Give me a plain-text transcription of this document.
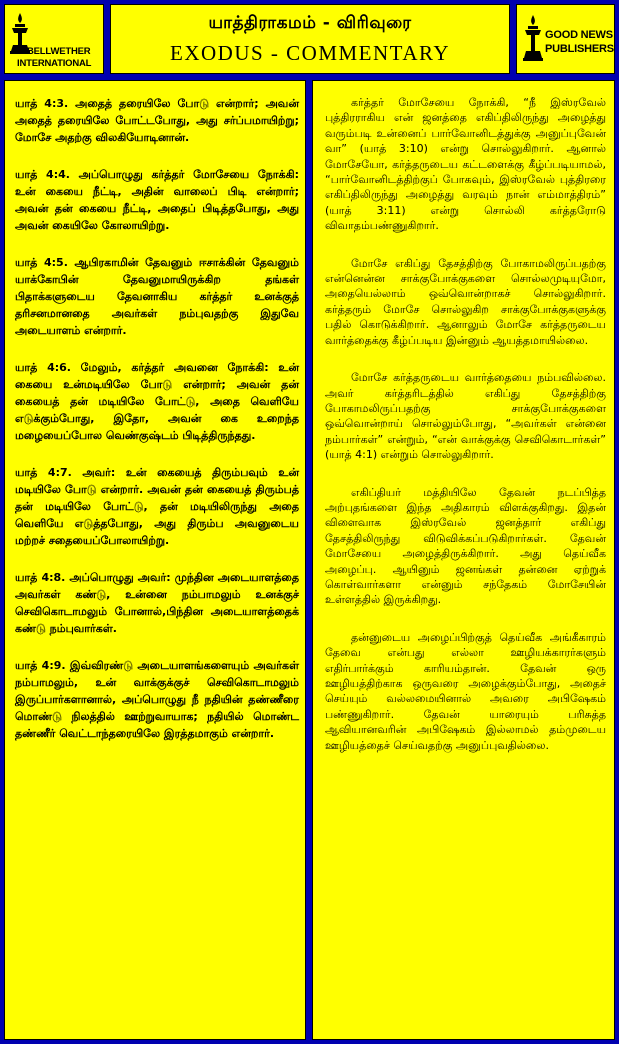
BELLWETHER
INTERNATIONAL
யாத்திராகமம் - விரிவுரை
EXODUS - COMMENTARY
GOOD NEWS
PUBLISHERS

யாத் 4:3. அதைத் தரையிலே போடு என்றார்; அவன் அதைத் தரையிலே போட்டபோது, அது சர்ப்பமாயிற்று; மோசே அதற்கு விலகியோடினான்.

யாத் 4:4. அப்பொழுது கர்த்தர் மோசேயை நோக்கி: உன் கையை நீட்டி, அதின் வாலைப் பிடி என்றார்; அவன் தன் கையை நீட்டி, அதைப் பிடித்தபோது, அது அவன் கையிலே கோலாயிற்று.

யாத் 4:5. ஆபிரகாமின் தேவனும் ஈசாக்கின் தேவனும் யாக்கோபின் தேவனுமாயிருக்கிற தங்கள் பிதாக்களுடைய தேவனாகிய கர்த்தர் உனக்குத் தரிசனமானதை அவர்கள் நம்புவதற்கு இதுவே அடையாளம் என்றார்.

யாத் 4:6. மேலும், கர்த்தர் அவனை நோக்கி: உன் கையை உன்மடியிலே போடு என்றார்; அவன் தன் கையைத் தன் மடியிலே போட்டு, அதை வெளியே எடுக்கும்போது, இதோ, அவன் கை உறைந்த மழையைப்போல வெண்குஷ்டம் பிடித்திருந்தது.

யாத் 4:7. அவர்: உன் கையைத் திரும்பவும் உன் மடியிலே போடு என்றார். அவன் தன் கையைத் திரும்பத் தன் மடியிலே போட்டு, தன் மடியிலிருந்து அதை வெளியே எடுத்தபோது, அது திரும்ப அவனுடைய மற்றச் சதையைப்போலாயிற்று.

யாத் 4:8. அப்பொழுது அவர்: முந்தின அடையாளத்தை அவர்கள் கண்டு, உன்னை நம்பாமலும் உனக்குச் செவிகொடாமலும் போனால்,பிந்தின அடையாளத்தைக் கண்டு நம்புவார்கள்.

யாத் 4:9. இவ்விரண்டு அடையாளங்களையும் அவர்கள் நம்பாமலும், உன் வாக்குக்குச் செவிகொடாமலும் இருப்பார்களானால், அப்பொழுது நீ நதியின் தண்ணீரை மொண்டு நிலத்தில் ஊற்றுவாயாக; நதியில் மொண்ட தண்ணீர் வெட்டாந்தரையிலே இரத்தமாகும் என்றார்.

கர்த்தர் மோசேயை நோக்கி, “நீ இஸ்ரவேல் புத்திரராகிய என் ஜனத்தை எகிப்திலிருந்து அழைத்து வரும்படி உன்னைப் பார்வோனிடத்துக்கு அனுப்புவேன் வா” (யாத் 3:10) என்று சொல்லுகிறார். ஆனால் மோசேயோ, கர்த்தருடைய கட்டளைக்கு கீழ்ப்படியாமல், “பார்வோனிடத்திற்குப் போகவும், இஸ்ரவேல் புத்திரரை எகிப்திலிருந்து அழைத்து வரவும் நான் எம்மாத்திரம்” (யாத் 3:11) என்று சொல்லி கர்த்தரோடு விவாதம்பண்ணுகிறார்.

மோசே எகிப்து தேசத்திற்கு போகாமலிருப்பதற்கு என்னென்ன சாக்குபோக்குகளை சொல்லமுடியுமோ, அதையெல்லாம் ஒவ்வொன்றாகச் சொல்லுகிறார். கர்த்தரும் மோசே சொல்லுகிற சாக்குபோக்குகளுக்கு பதில் கொடுக்கிறார். ஆனாலும் மோசே கர்த்தருடைய வார்த்தைக்கு கீழ்ப்படிய இன்னும் ஆயத்தமாயில்லை.

மோசே கர்த்தருடைய வார்த்தையை நம்பவில்லை. அவர் கர்த்தரிடத்தில் எகிப்து தேசத்திற்கு போகாமலிருப்பதற்கு சாக்குபோக்குகளை ஒவ்வொன்றாய் சொல்லும்போது, “அவர்கள் என்னை நம்பார்கள்” என்றும், “என் வாக்குக்கு செவிகொடார்கள்” (யாத் 4:1) என்றும் சொல்லுகிறார்.

எகிப்தியர் மத்தியிலே தேவன் நடப்பித்த அற்புதங்களை இந்த அதிகாரம் விளக்குகிறது. இதன் விளைவாக இஸ்ரவேல் ஜனத்தார் எகிப்து தேசத்திலிருந்து விடுவிக்கப்படுகிறார்கள். தேவன் மோசேயை அழைத்திருக்கிறார். அது தெய்வீக அழைப்பு. ஆயினும் ஜனங்கள் தன்னை ஏற்றுக் கொள்வார்களா என்னும் சந்தேகம் மோசேயின் உள்ளத்தில் இருக்கிறது.

தன்னுடைய அழைப்பிற்குத் தெய்வீக அங்கீகாரம் தேவை என்பது எல்லா ஊழியக்காரர்களும் எதிர்பார்க்கும் காரியம்தான். தேவன் ஒரு ஊழியத்திற்காக ஒருவரை அழைக்கும்போது, அதைச் செய்யும் வல்லமையினால் அவரை அபிஷேகம் பண்ணுகிறார். தேவன் யாரையும் பரிசுத்த ஆவியானவரின் அபிஷேகம் இல்லாமல் தம்முடைய ஊழியத்தைச் செய்வதற்கு அனுப்புவதில்லை.
